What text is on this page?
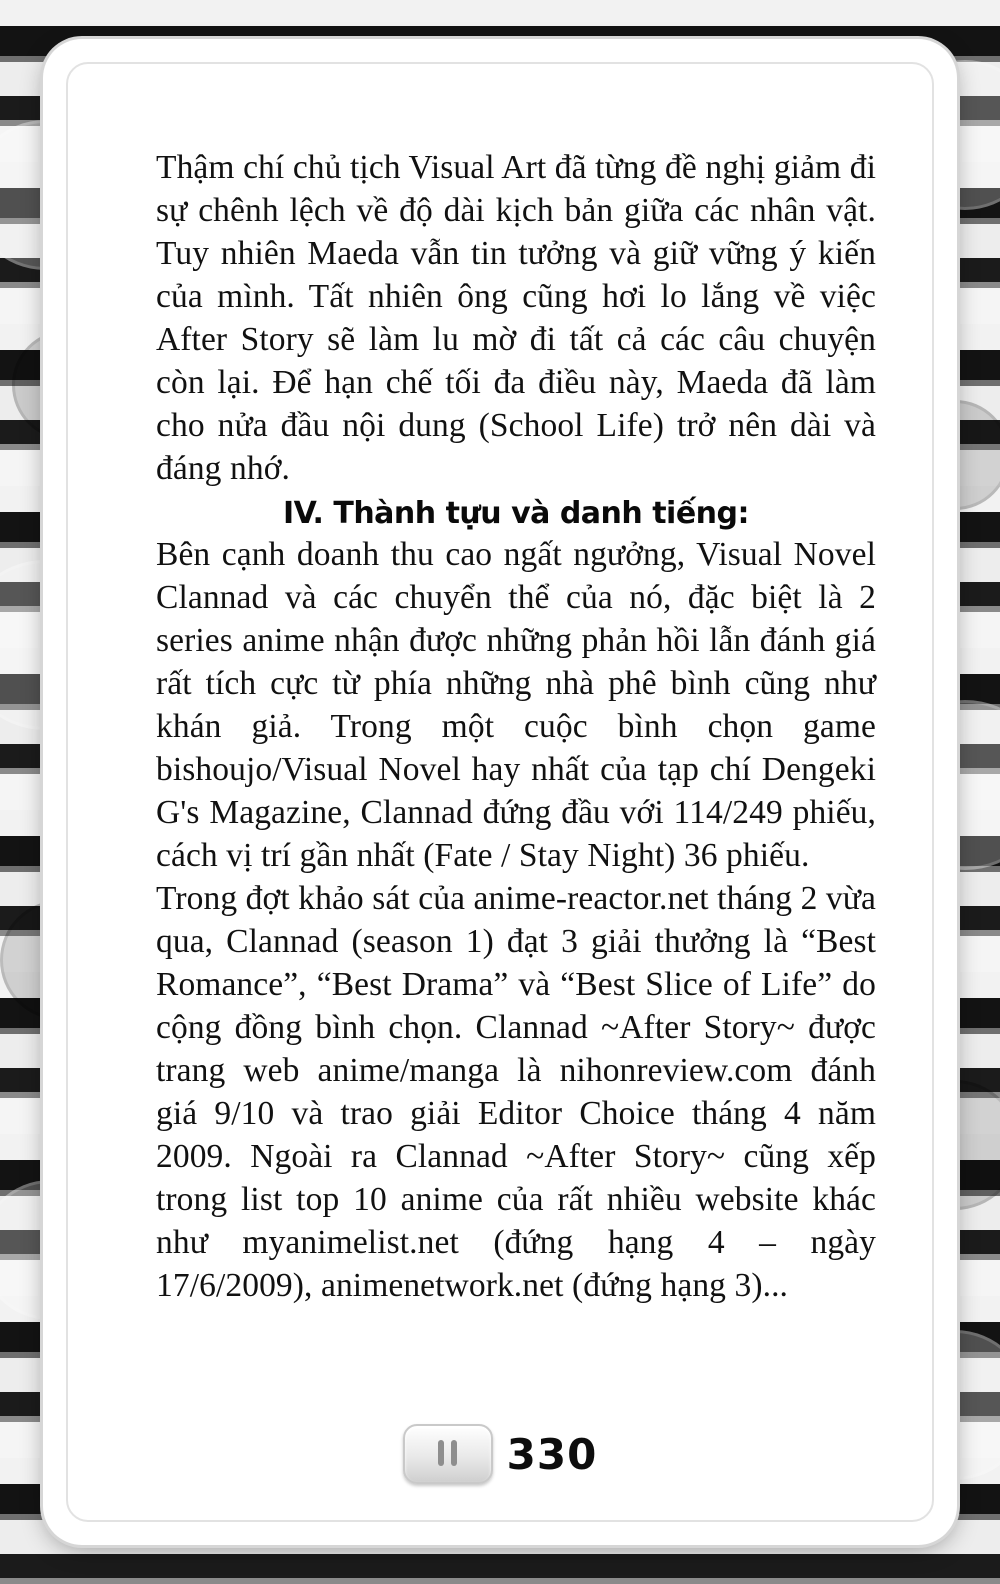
Thậm chí chủ tịch Visual Art đã từng đề nghị giảm đi sự chênh lệch về độ dài kịch bản giữa các nhân vật. Tuy nhiên Maeda vẫn tin tưởng và giữ vững ý kiến của mình. Tất nhiên ông cũng hơi lo lắng về việc After Story sẽ làm lu mờ đi tất cả các câu chuyện còn lại. Để hạn chế tối đa điều này, Maeda đã làm cho nửa đầu nội dung (School Life) trở nên dài và đáng nhớ.

IV. Thành tựu và danh tiếng:

Bên cạnh doanh thu cao ngất ngưởng, Visual Novel Clannad và các chuyển thể của nó, đặc biệt là 2 series anime nhận được những phản hồi lẫn đánh giá rất tích cực từ phía những nhà phê bình cũng như khán giả. Trong một cuộc bình chọn game bishoujo/Visual Novel hay nhất của tạp chí Dengeki G's Magazine, Clannad đứng đầu với 114/249 phiếu, cách vị trí gần nhất (Fate / Stay Night) 36 phiếu.

Trong đợt khảo sát của anime-reactor.net tháng 2 vừa qua, Clannad (season 1) đạt 3 giải thưởng là “Best Romance”, “Best Drama” và “Best Slice of Life” do cộng đồng bình chọn. Clannad ~After Story~ được trang web anime/manga là nihonreview.com đánh giá 9/10 và trao giải Editor Choice tháng 4 năm 2009. Ngoài ra Clannad ~After Story~ cũng xếp trong list top 10 anime của rất nhiều website khác như myanimelist.net (đứng hạng 4 – ngày 17/6/2009), animenetwork.net (đứng hạng 3)...

330
